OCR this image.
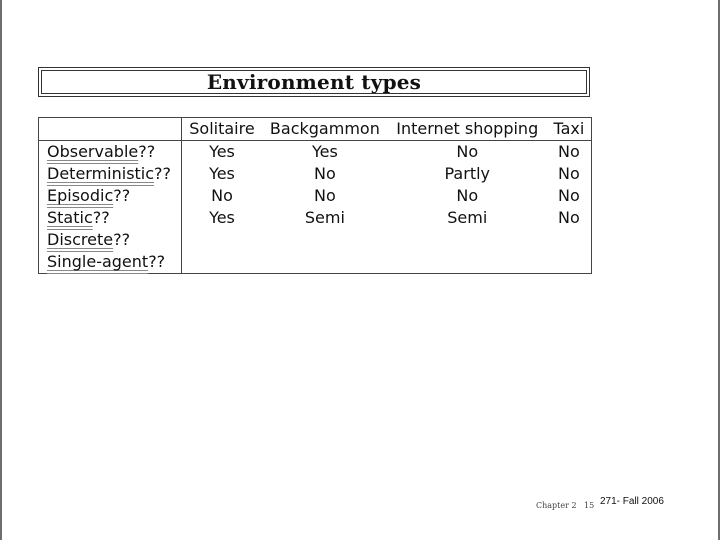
Environment types
	Solitaire	Backgammon	Internet shopping	Taxi
Observable??	Yes	Yes	No	No
Deterministic??	Yes	No	Partly	No
Episodic??	No	No	No	No
Static??	Yes	Semi	Semi	No
Discrete??				
Single-agent??				
Chapter 2 15 271- Fall 2006
